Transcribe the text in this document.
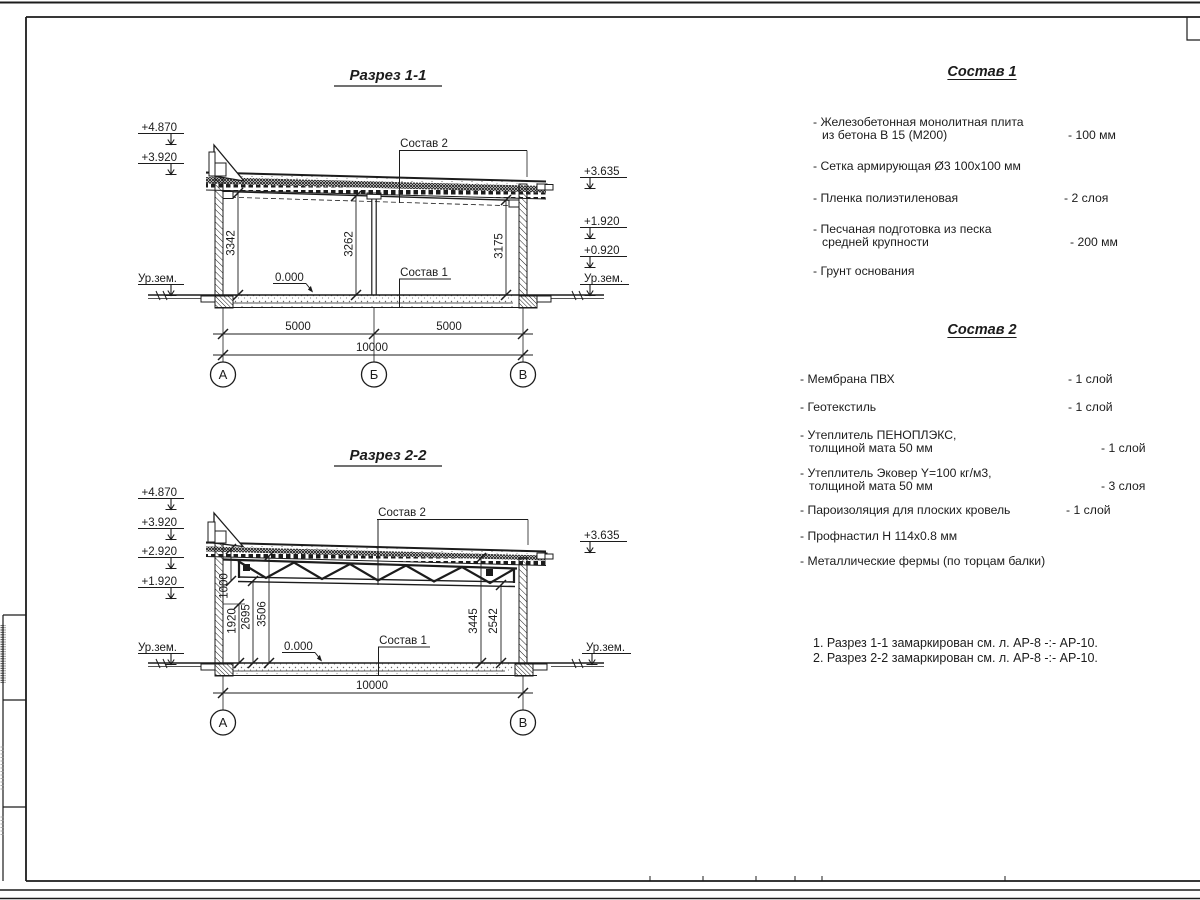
Разрез 1-1
+4.870
+3.920
Ур.зем.
+3.635
+1.920
+0.920
Ур.зем.
Состав 2
Состав 1
0.000
3342	3262	3175
5000	5000
10000
А	Б	В
Разрез 2-2
+4.870
+3.920
+2.920
+1.920
Ур.зем.
+3.635
Ур.зем.
Состав 2
Состав 1
0.000
1000
1920 2695 3506	3445 2542
10000
А	В
Состав 1
- Железобетонная монолитная плита
из бетона В 15 (М200)	- 100 мм
- Сетка армирующая Ø3 100х100 мм
- Пленка полиэтиленовая	- 2 слоя
- Песчаная подготовка из песка
средней крупности	- 200 мм
- Грунт основания
Состав 2
- Мембрана ПВХ	- 1 слой
- Геотекстиль	- 1 слой
- Утеплитель ПЕНОПЛЭКС,
толщиной мата 50 мм	- 1 слой
- Утеплитель Эковер Y=100 кг/м3,
толщиной мата 50 мм	- 3 слоя
- Пароизоляция для плоских кровель	- 1 слой
- Профнастил Н 114х0.8 мм
- Металлические фермы (по торцам балки)
1. Разрез 1-1 замаркирован см. л. АР-8 -:- АР-10.
2. Разрез 2-2 замаркирован см. л. АР-8 -:- АР-10.
